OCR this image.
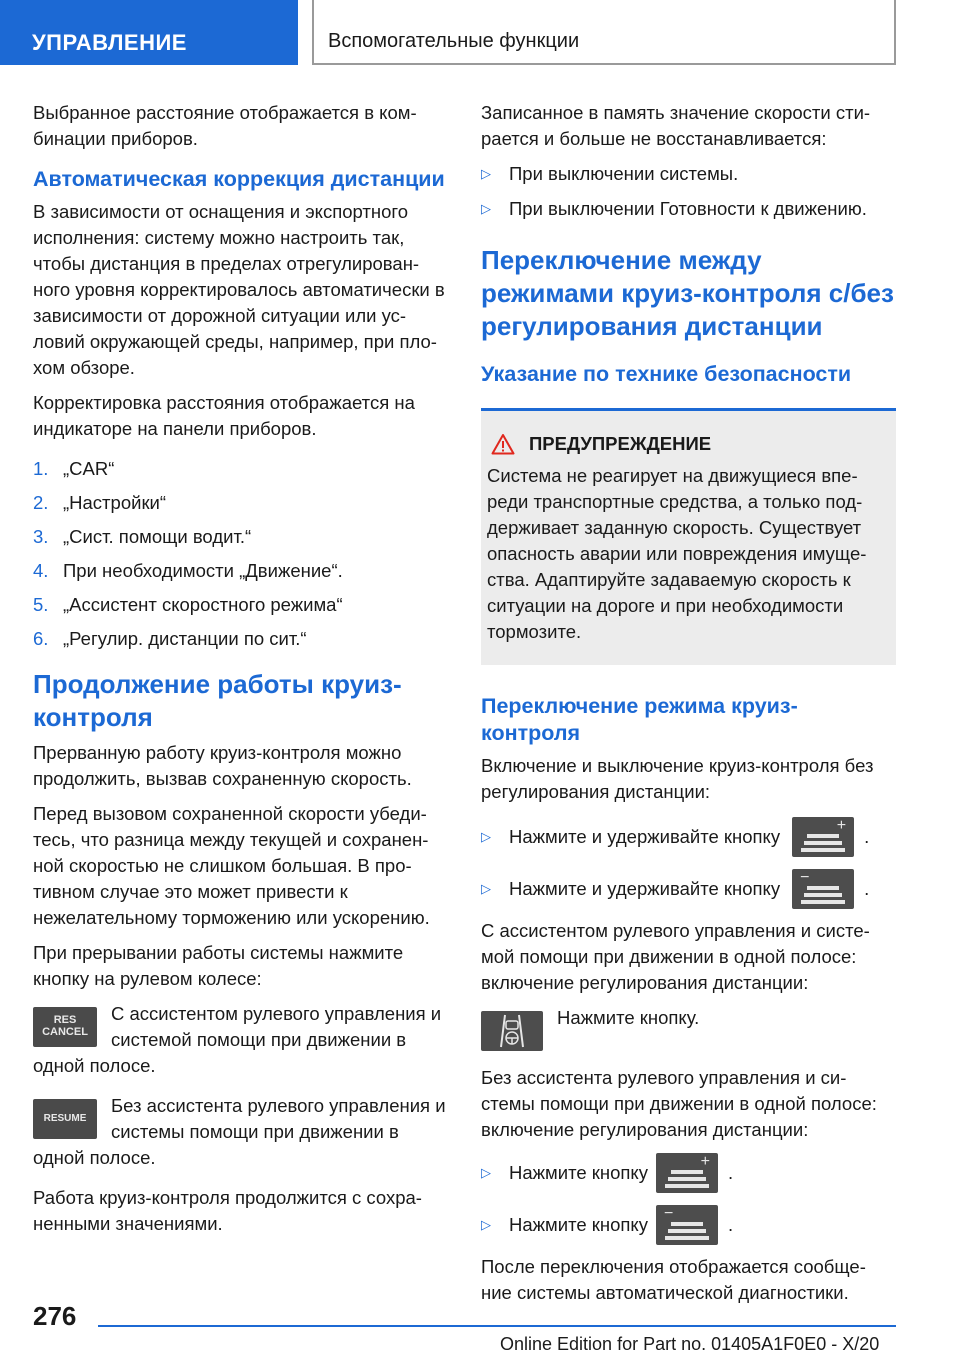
УПРАВЛЕНИЕ	Вспомогательные функции
Выбранное расстояние отображается в ком-бинации приборов.
Автоматическая коррекция дистанции
В зависимости от оснащения и экспортного исполнения: систему можно настроить так, чтобы дистанция в пределах отрегулирован-ного уровня корректировалось автоматически в зависимости от дорожной ситуации или ус-ловий окружающей среды, например, при пло-хом обзоре.
Корректировка расстояния отображается на индикаторе на панели приборов.
1. „CAR“
2. „Настройки“
3. „Сист. помощи водит.“
4. При необходимости „Движение“.
5. „Ассистент скоростного режима“
6. „Регулир. дистанции по сит.“
Продолжение работы круиз-контроля
Прерванную работу круиз-контроля можно продолжить, вызвав сохраненную скорость.
Перед вызовом сохраненной скорости убеди-тесь, что разница между текущей и сохранен-ной скоростью не слишком большая. В про-тивном случае это может привести к нежелательному торможению или ускорению.
При прерывании работы системы нажмите кнопку на рулевом колесе:
RES
CANCEL
С ассистентом рулевого управления и системой помощи при движении в одной полосе.
RESUME
Без ассистента рулевого управления и системы помощи при движении в одной полосе.
Работа круиз-контроля продолжится с сохра-ненными значениями.
Записанное в память значение скорости сти-рается и больше не восстанавливается:
▷ При выключении системы.
▷ При выключении Готовности к движению.
Переключение между режимами круиз-контроля с/без регулирования дистанции
Указание по технике безопасности
ПРЕДУПРЕЖДЕНИЕ
Система не реагирует на движущиеся впе-реди транспортные средства, а только под-держивает заданную скорость. Существует опасность аварии или повреждения имуще-ства. Адаптируйте задаваемую скорость к ситуации на дороге и при необходимости тормозите.
Переключение режима круиз-контроля
Включение и выключение круиз-контроля без регулирования дистанции:
▷ Нажмите и удерживайте кнопку
+
.
▷ Нажмите и удерживайте кнопку
−
.
С ассистентом рулевого управления и систе-мой помощи при движении в одной полосе: включение регулирования дистанции:
Нажмите кнопку.
Без ассистента рулевого управления и си-стемы помощи при движении в одной полосе: включение регулирования дистанции:
▷ Нажмите кнопку
+
.
▷ Нажмите кнопку
−
.
После переключения отображается сообще-ние системы автоматической диагностики.
276
Online Edition for Part no. 01405A1F0E0 - X/20
